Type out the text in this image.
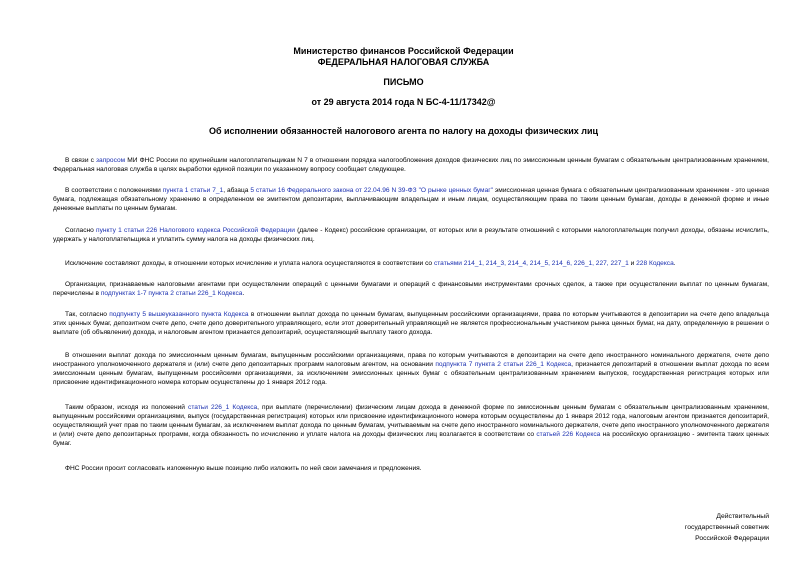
Министерство финансов Российской Федерации
ФЕДЕРАЛЬНАЯ НАЛОГОВАЯ СЛУЖБА
ПИСЬМО
от 29 августа 2014 года N БС-4-11/17342@
Об исполнении обязанностей налогового агента по налогу на доходы физических лиц

В связи с запросом МИ ФНС России по крупнейшим налогоплательщикам N 7 в отношении порядка налогообложения доходов физических лиц по эмиссионным ценным бумагам с обязательным централизованным хранением, Федеральная налоговая служба в целях выработки единой позиции по указанному вопросу сообщает следующее.

В соответствии с положениями пункта 1 статьи 7_1, абзаца 5 статьи 16 Федерального закона от 22.04.96 N 39-ФЗ "О рынке ценных бумаг" эмиссионная ценная бумага с обязательным централизованным хранением - это ценная бумага, подлежащая обязательному хранению в определенном ее эмитентом депозитарии, выплачивающим владельцам и иным лицам, осуществляющим права по таким ценным бумагам, доходы в денежной форме и иные денежные выплаты по ценным бумагам.

Согласно пункту 1 статьи 226 Налогового кодекса Российской Федерации (далее - Кодекс) российские организации, от которых или в результате отношений с которыми налогоплательщик получил доходы, обязаны исчислить, удержать у налогоплательщика и уплатить сумму налога на доходы физических лиц.

Исключение составляют доходы, в отношении которых исчисление и уплата налога осуществляются в соответствии со статьями 214_1, 214_3, 214_4, 214_5, 214_6, 226_1, 227, 227_1 и 228 Кодекса.

Организации, признаваемые налоговыми агентами при осуществлении операций с ценными бумагами и операций с финансовыми инструментами срочных сделок, а также при осуществлении выплат по ценным бумагам, перечислены в подпунктах 1-7 пункта 2 статьи 226_1 Кодекса.

Так, согласно подпункту 5 вышеуказанного пункта Кодекса в отношении выплат дохода по ценным бумагам, выпущенным российскими организациями, права по которым учитываются в депозитарии на счете депо владельца этих ценных бумаг, депозитном счете депо, счете депо доверительного управляющего, если этот доверительный управляющий не является профессиональным участником рынка ценных бумаг, на дату, определенную в решении о выплате (об объявлении) дохода, и налоговым агентом признается депозитарий, осуществляющий выплату такого дохода.

В отношении выплат дохода по эмиссионным ценным бумагам, выпущенным российскими организациями, права по которым учитываются в депозитарии на счете депо иностранного номинального держателя, счете депо иностранного уполномоченного держателя и (или) счете депо депозитарных программ налоговым агентом, на основании подпункта 7 пункта 2 статьи 226_1 Кодекса, признается депозитарий в отношении выплат дохода по всем эмиссионным ценным бумагам, выпущенным российскими организациями, за исключением эмиссионных ценных бумаг с обязательным централизованным хранением выпусков, государственная регистрация которых или присвоение идентификационного номера которым осуществлены до 1 января 2012 года.

Таким образом, исходя из положений статьи 226_1 Кодекса, при выплате (перечислении) физическим лицам дохода в денежной форме по эмиссионным ценным бумагам с обязательным централизованным хранением, выпущенным российскими организациями, выпуск (государственная регистрация) которых или присвоение идентификационного номера которым осуществлены до 1 января 2012 года, налоговым агентом признается депозитарий, осуществляющий учет прав по таким ценным бумагам, за исключением выплат дохода по ценным бумагам, учитываемым на счете депо иностранного номинального держателя, счете депо иностранного уполномоченного держателя и (или) счете депо депозитарных программ, когда обязанность по исчислению и уплате налога на доходы физических лиц возлагается в соответствии со статьей 226 Кодекса на российскую организацию - эмитента таких ценных бумаг.

ФНС России просит согласовать изложенную выше позицию либо изложить по ней свои замечания и предложения.

Действительный
государственный советник
Российской Федерации
